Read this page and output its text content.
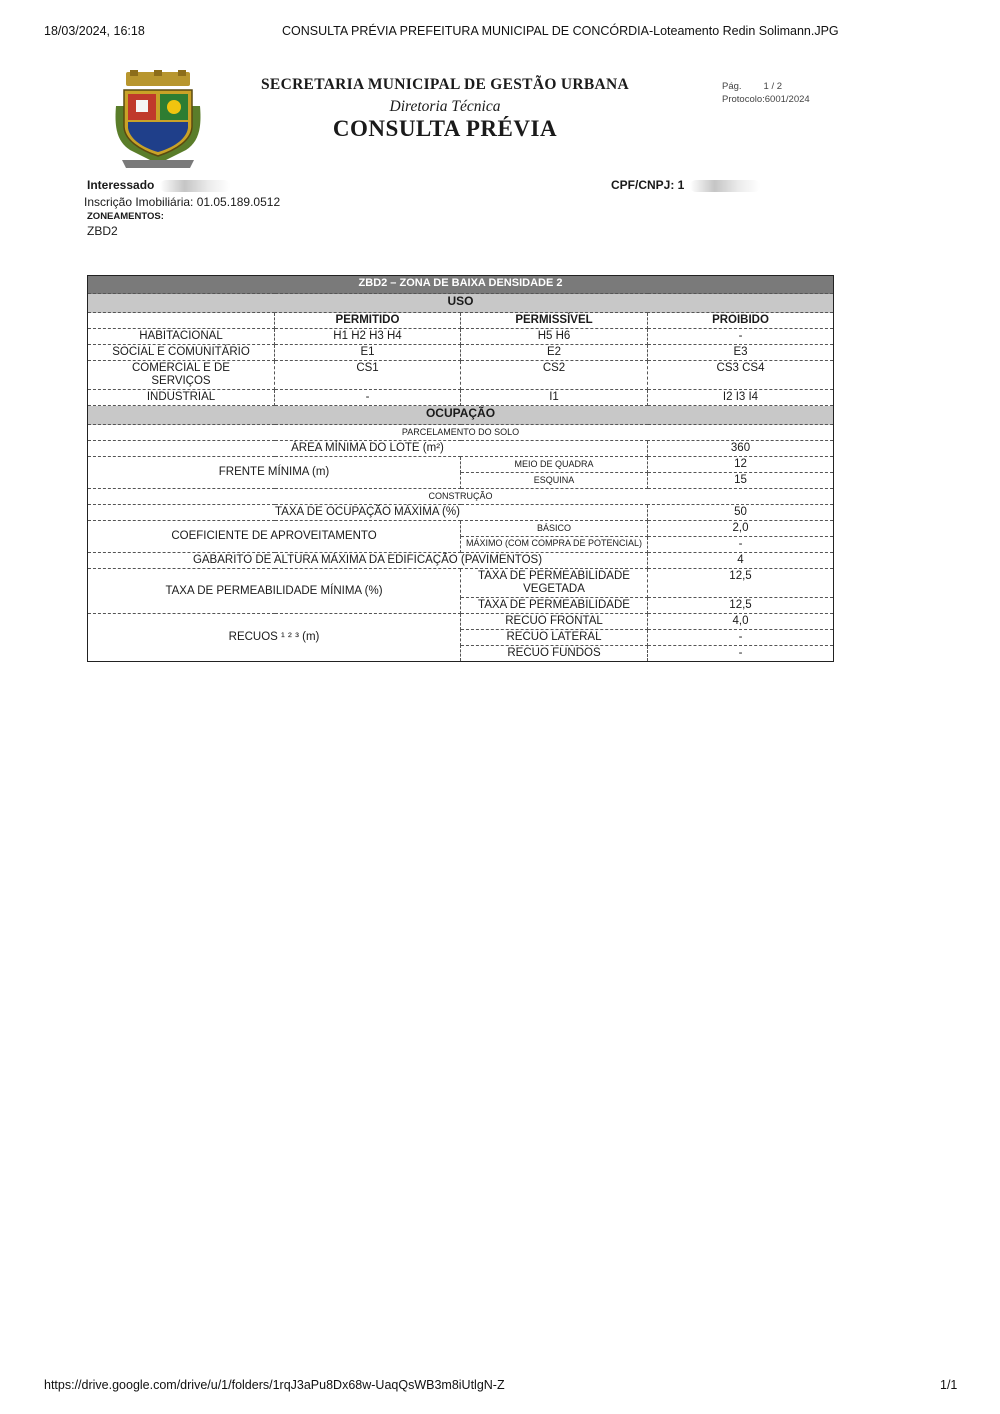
18/03/2024, 16:18	CONSULTA PRÉVIA PREFEITURA MUNICIPAL DE CONCÓRDIA-Loteamento Redin Solimann.JPG
SECRETARIA MUNICIPAL DE GESTÃO URBANA
Diretoria Técnica
CONSULTA PRÉVIA
Pág. 1 / 2
Protocolo:6001/2024
Interessado	CPF/CNPJ: 1
Inscrição Imobiliária: 01.05.189.0512
ZONEAMENTOS:
ZBD2
ZBD2 – ZONA DE BAIXA DENSIDADE 2			
USO			
	PERMITIDO	PERMISSÍVEL	PROIBIDO
HABITACIONAL	H1 H2 H3 H4	H5 H6	-
SOCIAL E COMUNITÁRIO	E1	E2	E3
COMERCIAL E DE SERVIÇOS	CS1	CS2	CS3 CS4
INDUSTRIAL	-	I1	I2 I3 I4
OCUPAÇÃO			
PARCELAMENTO DO SOLO			
ÁREA MÍNIMA DO LOTE (m²)			360
FRENTE MÍNIMA (m)		MEIO DE QUADRA	12
		ESQUINA	15
CONSTRUÇÃO			
TAXA DE OCUPAÇÃO MÁXIMA (%)			50
COEFICIENTE DE APROVEITAMENTO		BÁSICO	2,0
		MÁXIMO (COM COMPRA DE POTENCIAL)	-
GABARITO DE ALTURA MÁXIMA DA EDIFICAÇÃO (PAVIMENTOS)			4
TAXA DE PERMEABILIDADE MÍNIMA (%)		TAXA DE PERMEABILIDADE VEGETADA	12,5
		TAXA DE PERMEABILIDADE	12,5
RECUOS ¹ ² ³ (m)		RECUO FRONTAL	4,0
		RECUO LATERAL	-
		RECUO FUNDOS	-
https://drive.google.com/drive/u/1/folders/1rqJ3aPu8Dx68w-UaqQsWB3m8iUtlgN-Z	1/1
